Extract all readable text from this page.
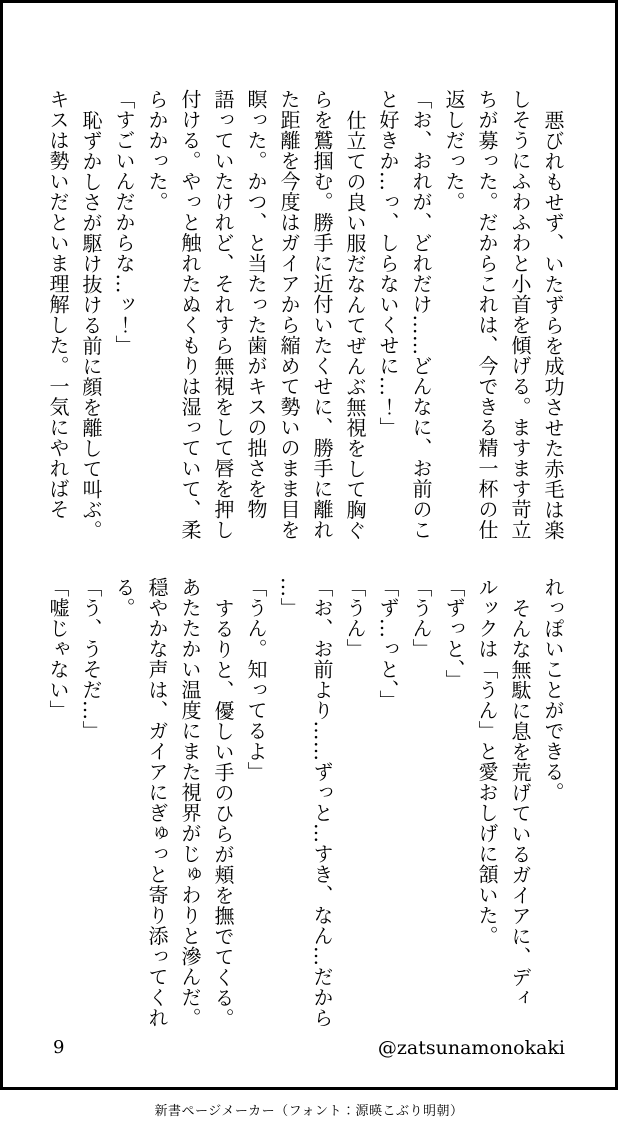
悪びれもせず、いたずらを成功させた赤毛は楽
しそうにふわふわと小首を傾げる。ますます苛立
ちが募った。だからこれは、今できる精一杯の仕
返しだった。
「お、おれが、どれだけ……どんなに、お前のこ
と好きか…っ、しらないくせに…！」
仕立ての良い服だなんてぜんぶ無視をして胸ぐ
らを鷲掴む。勝手に近付いたくせに、勝手に離れ
た距離を今度はガイアから縮めて勢いのまま目を
瞑った。かつ、と当たった歯がキスの拙さを物
語っていたけれど、それすら無視をして唇を押し
付ける。やっと触れたぬくもりは湿っていて、柔
らかかった。
「すごいんだからな…ッ！」
恥ずかしさが駆け抜ける前に顔を離して叫ぶ。
キスは勢いだといま理解した。一気にやればそ
れっぽいことができる。
そんな無駄に息を荒げているガイアに、ディ
ルックは「うん」と愛おしげに頷いた。
「ずっと、」
「うん」
「ず…っと、」
「うん」
「お、お前より……ずっと…すき、なん…だから
…」
「うん。知ってるよ」
するりと、優しい手のひらが頬を撫でてくる。
あたたかい温度にまた視界がじゅわりと滲んだ。
穏やかな声は、ガイアにぎゅっと寄り添ってくれ
る。
「う、うそだ…」
「嘘じゃない」
9	@zatsunamonokaki
新書ページメーカー（フォント：源暎こぶり明朝）
